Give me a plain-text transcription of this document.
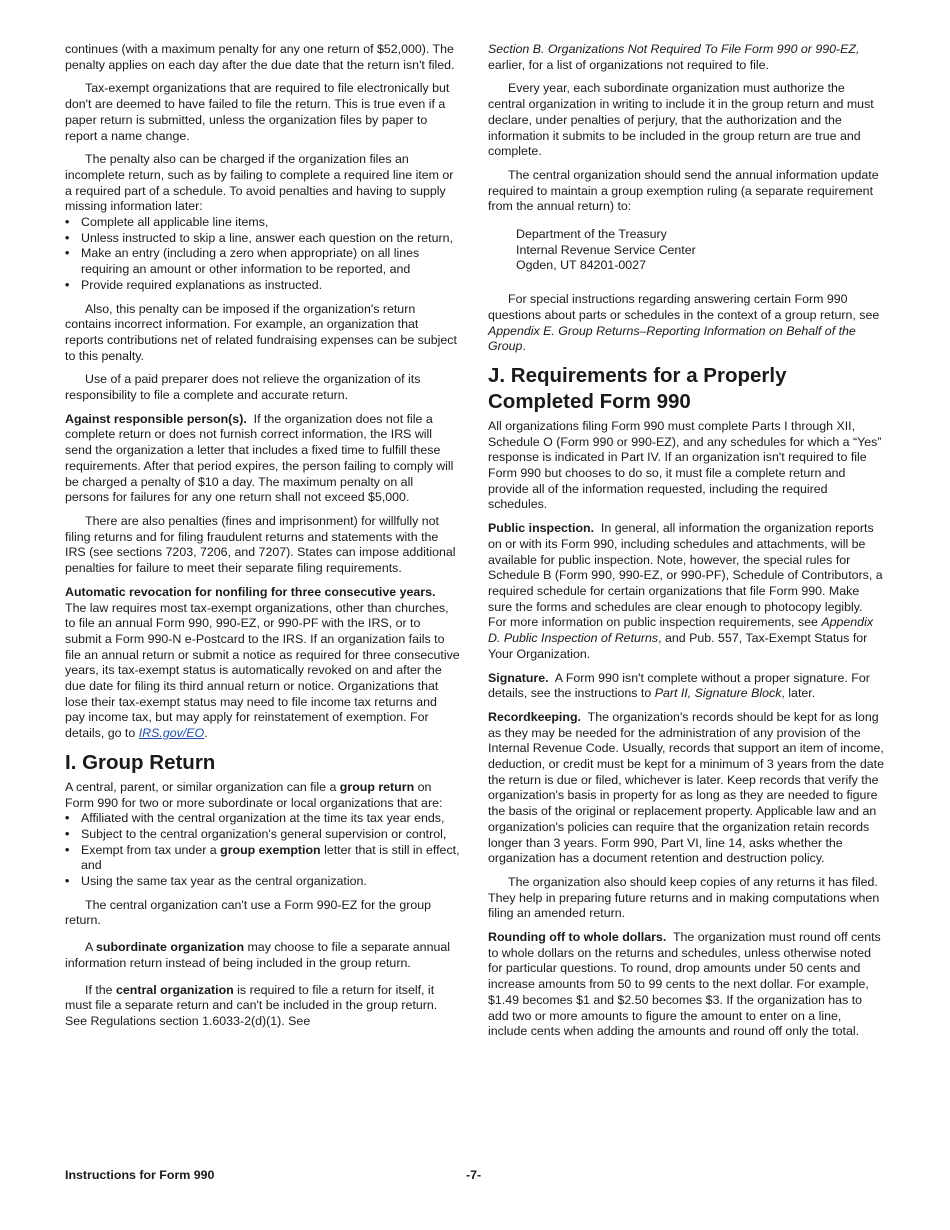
continues (with a maximum penalty for any one return of $52,000). The penalty applies on each day after the due date that the return isn't filed.

Tax-exempt organizations that are required to file electronically but don't are deemed to have failed to file the return. This is true even if a paper return is submitted, unless the organization files by paper to report a name change.

The penalty also can be charged if the organization files an incomplete return, such as by failing to complete a required line item or a required part of a schedule. To avoid penalties and having to supply missing information later:

• Complete all applicable line items,
• Unless instructed to skip a line, answer each question on the return,
• Make an entry (including a zero when appropriate) on all lines requiring an amount or other information to be reported, and
• Provide required explanations as instructed.

Also, this penalty can be imposed if the organization's return contains incorrect information. For example, an organization that reports contributions net of related fundraising expenses can be subject to this penalty.

Use of a paid preparer does not relieve the organization of its responsibility to file a complete and accurate return.

Against responsible person(s). If the organization does not file a complete return or does not furnish correct information, the IRS will send the organization a letter that includes a fixed time to fulfill these requirements. After that period expires, the person failing to comply will be charged a penalty of $10 a day. The maximum penalty on all persons for failures for any one return shall not exceed $5,000.

There are also penalties (fines and imprisonment) for willfully not filing returns and for filing fraudulent returns and statements with the IRS (see sections 7203, 7206, and 7207). States can impose additional penalties for failure to meet their separate filing requirements.

Automatic revocation for nonfiling for three consecutive years.  The law requires most tax-exempt organizations, other than churches, to file an annual Form 990, 990-EZ, or 990-PF with the IRS, or to submit a Form 990-N e-Postcard to the IRS. If an organization fails to file an annual return or submit a notice as required for three consecutive years, its tax-exempt status is automatically revoked on and after the due date for filing its third annual return or notice. Organizations that lose their tax-exempt status may need to file income tax returns and pay income tax, but may apply for reinstatement of exemption. For details, go to IRS.gov/EO.

I. Group Return

A central, parent, or similar organization can file a group return on Form 990 for two or more subordinate or local organizations that are:

• Affiliated with the central organization at the time its tax year ends,
• Subject to the central organization's general supervision or control,
• Exempt from tax under a group exemption letter that is still in effect, and
• Using the same tax year as the central organization.

The central organization can't use a Form 990-EZ for the group return.

A subordinate organization may choose to file a separate annual information return instead of being included in the group return.

If the central organization is required to file a return for itself, it must file a separate return and can't be included in the group return. See Regulations section 1.6033-2(d)(1). See

Section B. Organizations Not Required To File Form 990 or 990-EZ, earlier, for a list of organizations not required to file.

Every year, each subordinate organization must authorize the central organization in writing to include it in the group return and must declare, under penalties of perjury, that the authorization and the information it submits to be included in the group return are true and complete.

The central organization should send the annual information update required to maintain a group exemption ruling (a separate requirement from the annual return) to:

Department of the Treasury
Internal Revenue Service Center
Ogden, UT 84201-0027

For special instructions regarding answering certain Form 990 questions about parts or schedules in the context of a group return, see Appendix E. Group Returns–Reporting Information on Behalf of the Group.

J. Requirements for a Properly Completed Form 990

All organizations filing Form 990 must complete Parts I through XII, Schedule O (Form 990 or 990-EZ), and any schedules for which a “Yes” response is indicated in Part IV. If an organization isn't required to file Form 990 but chooses to do so, it must file a complete return and provide all of the information requested, including the required schedules.

Public inspection. In general, all information the organization reports on or with its Form 990, including schedules and attachments, will be available for public inspection. Note, however, the special rules for Schedule B (Form 990, 990-EZ, or 990-PF), Schedule of Contributors, a required schedule for certain organizations that file Form 990. Make sure the forms and schedules are clear enough to photocopy legibly. For more information on public inspection requirements, see Appendix D. Public Inspection of Returns, and Pub. 557, Tax-Exempt Status for Your Organization.

Signature. A Form 990 isn't complete without a proper signature. For details, see the instructions to Part II, Signature Block, later.

Recordkeeping. The organization's records should be kept for as long as they may be needed for the administration of any provision of the Internal Revenue Code. Usually, records that support an item of income, deduction, or credit must be kept for a minimum of 3 years from the date the return is due or filed, whichever is later. Keep records that verify the organization's basis in property for as long as they are needed to figure the basis of the original or replacement property. Applicable law and an organization's policies can require that the organization retain records longer than 3 years. Form 990, Part VI, line 14, asks whether the organization has a document retention and destruction policy.

The organization also should keep copies of any returns it has filed. They help in preparing future returns and in making computations when filing an amended return.

Rounding off to whole dollars. The organization must round off cents to whole dollars on the returns and schedules, unless otherwise noted for particular questions. To round, drop amounts under 50 cents and increase amounts from 50 to 99 cents to the next dollar. For example, $1.49 becomes $1 and $2.50 becomes $3. If the organization has to add two or more amounts to figure the amount to enter on a line, include cents when adding the amounts and round off only the total.

Instructions for Form 990	-7-
